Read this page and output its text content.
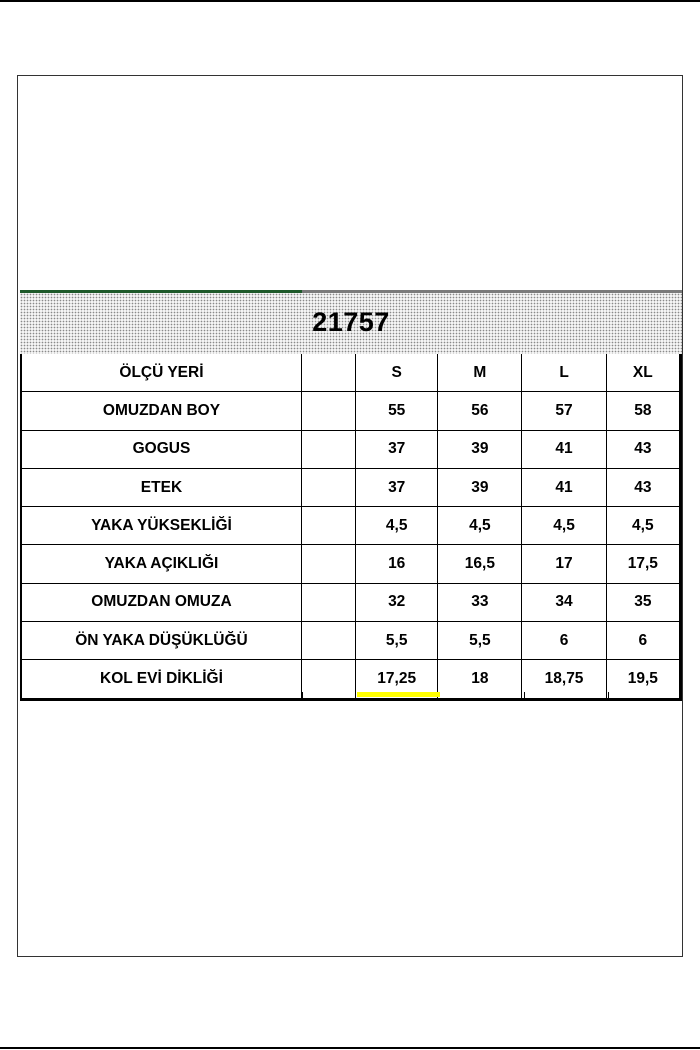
21757
ÖLÇÜ YERİ		S	M	L	XL
OMUZDAN BOY		55	56	57	58
GOGUS		37	39	41	43
ETEK		37	39	41	43
YAKA YÜKSEKLİĞİ		4,5	4,5	4,5	4,5
YAKA AÇIKLIĞI		16	16,5	17	17,5
OMUZDAN OMUZA		32	33	34	35
ÖN YAKA DÜŞÜKLÜĞÜ		5,5	5,5	6	6
KOL EVİ DİKLİĞİ		17,25	18	18,75	19,5
